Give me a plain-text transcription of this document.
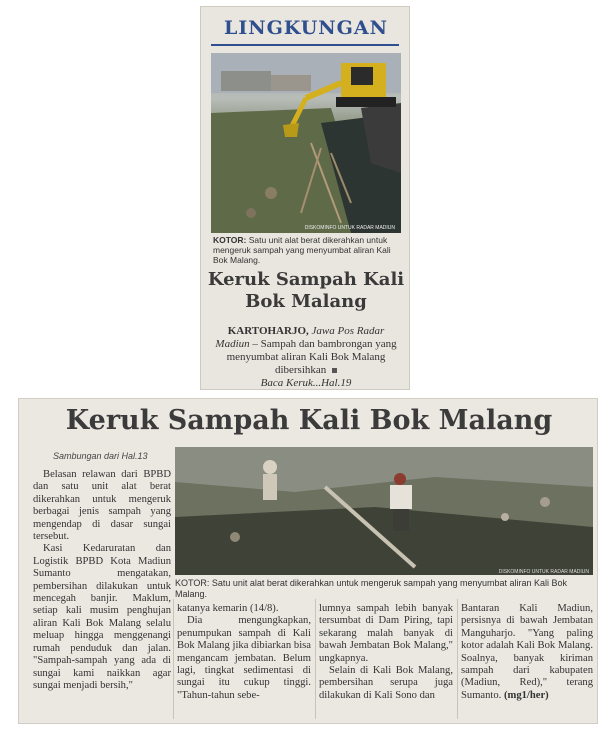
LINGKUNGAN
DISKOMINFO UNTUK RADAR MADIUN
KOTOR: Satu unit alat berat dikerahkan untuk mengeruk sampah yang menyumbat aliran Kali Bok Malang.
Keruk Sampah Kali Bok Malang
KARTOHARJO, Jawa Pos Radar Madiun – Sampah dan bambrongan yang menyumbat aliran Kali Bok Malang dibersihkan
Baca Keruk...Hal.19
Keruk Sampah Kali Bok Malang
Sambungan dari Hal.13
DISKOMINFO UNTUK RADAR MADIUN
KOTOR: Satu unit alat berat dikerahkan untuk mengeruk sampah yang menyumbat aliran Kali Bok Malang.

Belasan relawan dari BPBD dan satu unit alat berat dikerahkan untuk mengeruk berbagai jenis sampah yang mengendap di dasar sungai tersebut.

Kasi Kedaruratan dan Logistik BPBD Kota Madiun Sumanto mengatakan, pembersihan dilakukan untuk mencegah banjir. Maklum, setiap kali musim penghujan aliran Kali Bok Malang selalu meluap hingga menggenangi rumah penduduk dan jalan. "Sampah-sampah yang ada di sungai kami naikkan agar sungai menjadi bersih,"

katanya kemarin (14/8).

Dia mengungkapkan, penumpukan sampah di Kali Bok Malang jika dibiarkan bisa mengancam jembatan. Belum lagi, tingkat sedimentasi di sungai itu cukup tinggi. "Tahun-tahun sebe-

lumnya sampah lebih banyak tersumbat di Dam Piring, tapi sekarang malah banyak di bawah Jembatan Bok Malang," ungkapnya.

Selain di Kali Bok Malang, pembersihan serupa juga dilakukan di Kali Sono dan

Bantaran Kali Madiun, persisnya di bawah Jembatan Manguharjo. "Yang paling kotor adalah Kali Bok Malang. Soalnya, banyak kiriman sampah dari kabupaten (Madiun, Red)," terang Sumanto. (mg1/her)
